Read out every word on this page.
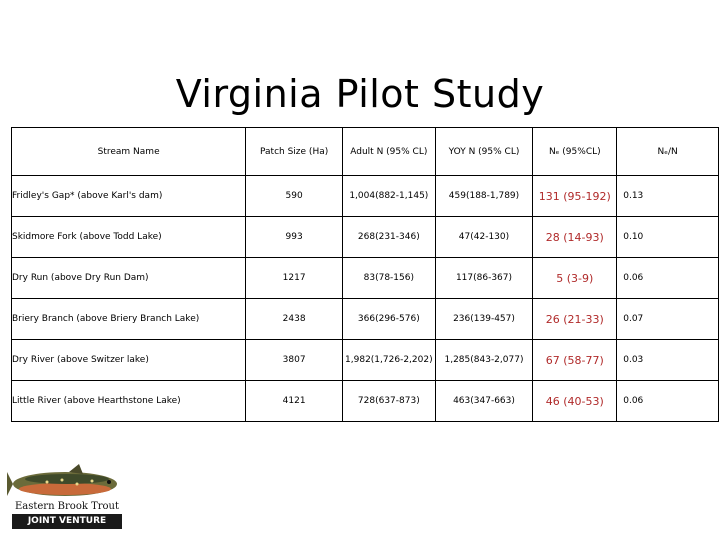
Virginia Pilot Study
Stream Name	Patch Size (Ha)	Adult N (95% CL)	YOY N (95% CL)	Nₑ (95%CL)	Nₑ/N
Fridley's Gap* (above Karl's dam)	590	1,004(882-1,145)	459(188-1,789)	131 (95-192)	0.13
Skidmore Fork (above Todd Lake)	993	268(231-346)	47(42-130)	28 (14-93)	0.10
Dry Run (above Dry Run Dam)	1217	83(78-156)	117(86-367)	5 (3-9)	0.06
Briery Branch (above Briery Branch Lake)	2438	366(296-576)	236(139-457)	26 (21-33)	0.07
Dry River (above Switzer lake)	3807	1,982(1,726-2,202)	1,285(843-2,077)	67 (58-77)	0.03
Little River (above Hearthstone Lake)	4121	728(637-873)	463(347-663)	46 (40-53)	0.06
Eastern Brook Trout
JOINT VENTURE
